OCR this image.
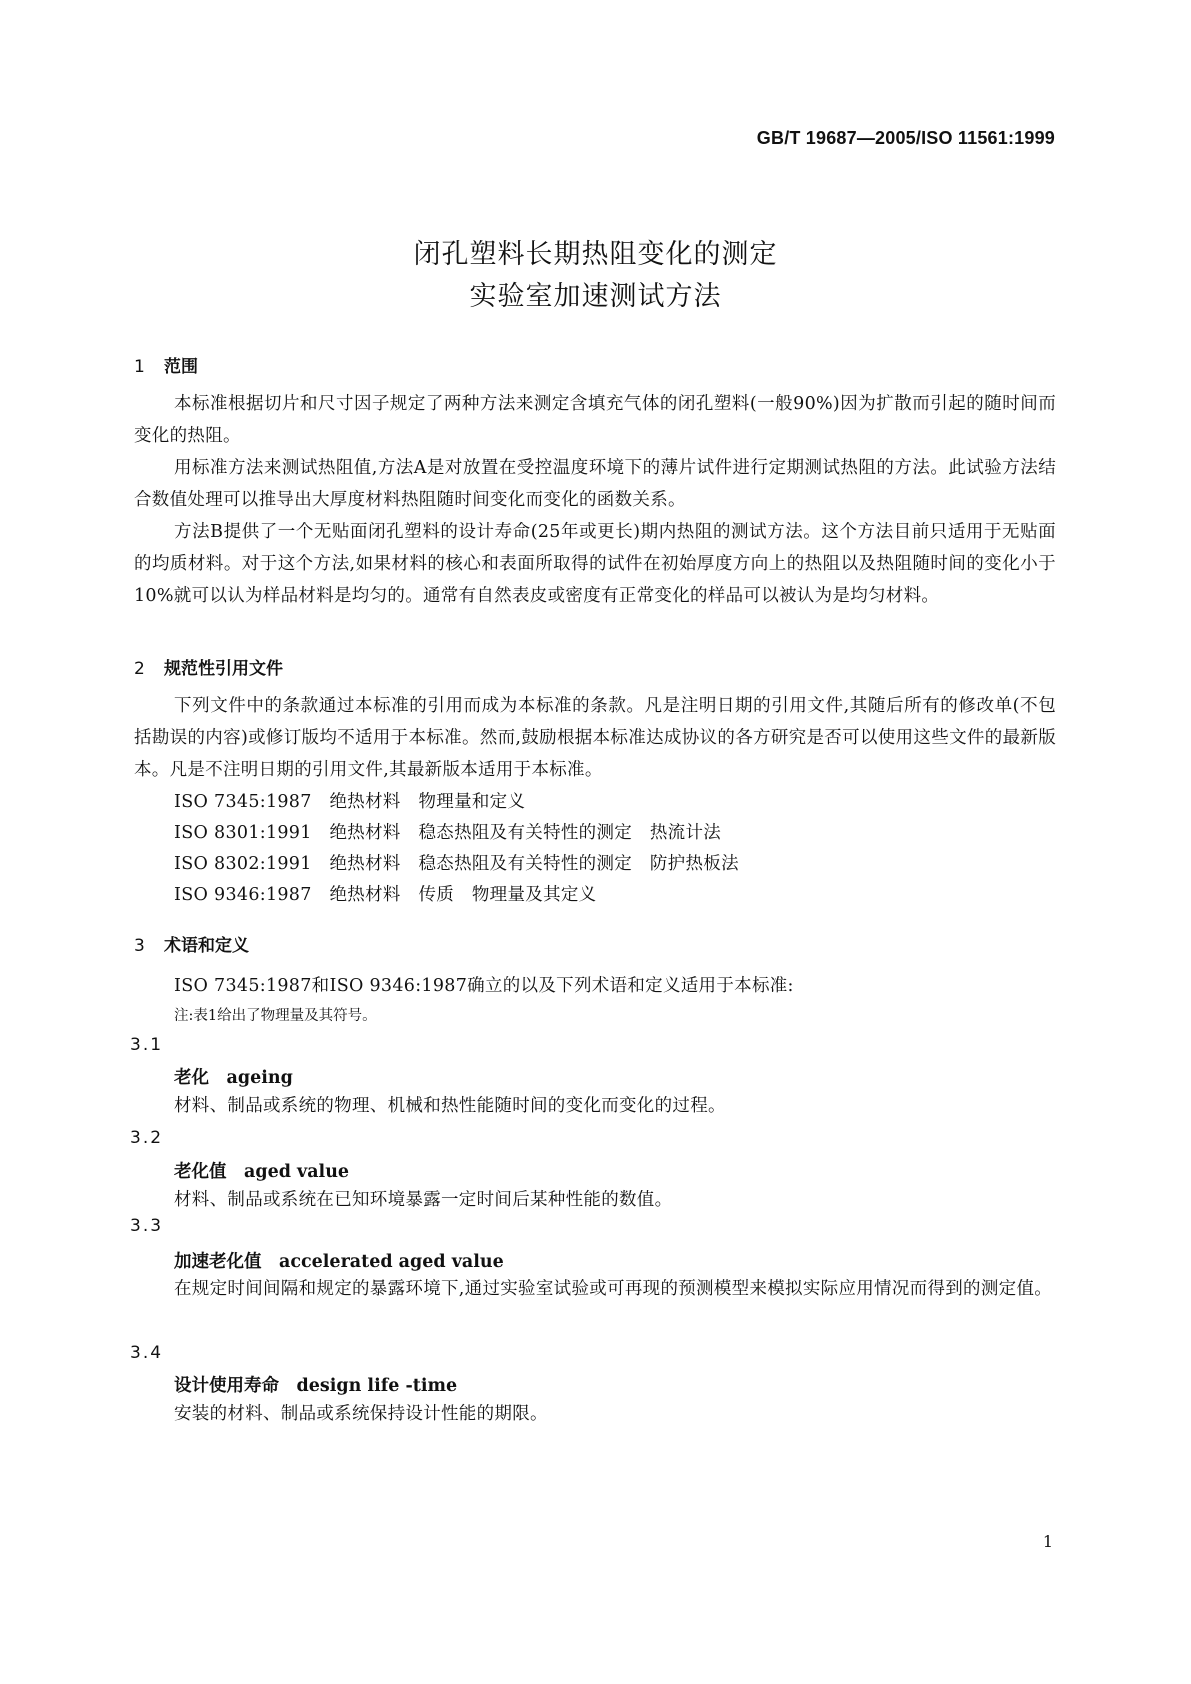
GB/T 19687—2005/ISO 11561:1999
闭孔塑料长期热阻变化的测定
实验室加速测试方法
1 范围

本标准根据切片和尺寸因子规定了两种方法来测定含填充气体的闭孔塑料(一般90%)因为扩散而引起的随时间而变化的热阻。

用标准方法来测试热阻值,方法A是对放置在受控温度环境下的薄片试件进行定期测试热阻的方法。此试验方法结合数值处理可以推导出大厚度材料热阻随时间变化而变化的函数关系。

方法B提供了一个无贴面闭孔塑料的设计寿命(25年或更长)期内热阻的测试方法。这个方法目前只适用于无贴面的均质材料。对于这个方法,如果材料的核心和表面所取得的试件在初始厚度方向上的热阻以及热阻随时间的变化小于10%就可以认为样品材料是均匀的。通常有自然表皮或密度有正常变化的样品可以被认为是均匀材料。

2 规范性引用文件

下列文件中的条款通过本标准的引用而成为本标准的条款。凡是注明日期的引用文件,其随后所有的修改单(不包括勘误的内容)或修订版均不适用于本标准。然而,鼓励根据本标准达成协议的各方研究是否可以使用这些文件的最新版本。凡是不注明日期的引用文件,其最新版本适用于本标准。

ISO 7345:1987　绝热材料　物理量和定义
ISO 8301:1991　绝热材料　稳态热阻及有关特性的测定　热流计法
ISO 8302:1991　绝热材料　稳态热阻及有关特性的测定　防护热板法
ISO 9346:1987　绝热材料　传质　物理量及其定义
3 术语和定义
ISO 7345:1987和ISO 9346:1987确立的以及下列术语和定义适用于本标准:
注:表1给出了物理量及其符号。
3.1
老化　ageing

材料、制品或系统的物理、机械和热性能随时间的变化而变化的过程。

3.2
老化值　aged value

材料、制品或系统在已知环境暴露一定时间后某种性能的数值。

3.3
加速老化值　accelerated aged value

在规定时间间隔和规定的暴露环境下,通过实验室试验或可再现的预测模型来模拟实际应用情况而得到的测定值。

3.4
设计使用寿命　design life -time

安装的材料、制品或系统保持设计性能的期限。

1
